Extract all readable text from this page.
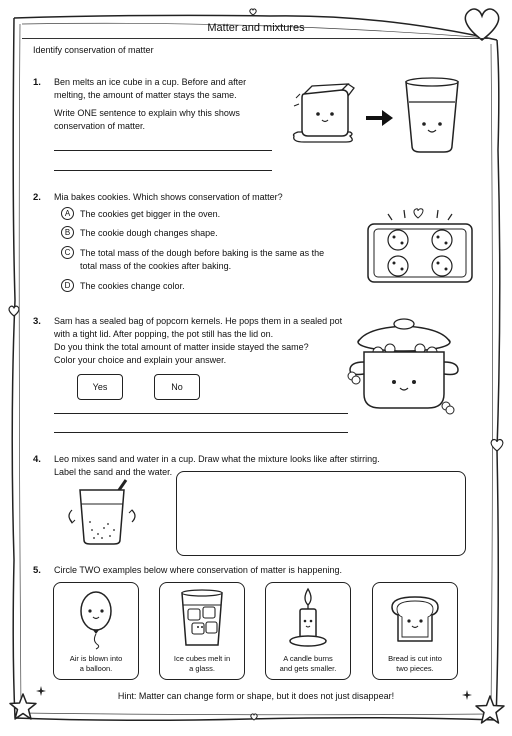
Matter and mixtures
Identify conservation of matter
1. Ben melts an ice cube in a cup. Before and after
melting, the amount of matter stays the same.
Write ONE sentence to explain why this shows
conservation of matter.
2. Mia bakes cookies. Which shows conservation of matter?
A	The cookies get bigger in the oven.
B	The cookie dough changes shape.
C	The total mass of the dough before baking is the same as the
total mass of the cookies after baking.
D	The cookies change color.
3. Sam has a sealed bag of popcorn kernels. He pops them in a sealed pot
with a tight lid. After popping, the pot still has the lid on.
Do you think the total amount of matter inside stayed the same?
Color your choice and explain your answer.
Yes	No
4. Leo mixes sand and water in a cup. Draw what the mixture looks like after stirring.
Label the sand and the water.
5. Circle TWO examples below where conservation of matter is happening.
Air is blown into
a balloon.
Ice cubes melt in
a glass.
A candle burns
and gets smaller.
Bread is cut into
two pieces.
Hint: Matter can change form or shape, but it does not just disappear!
